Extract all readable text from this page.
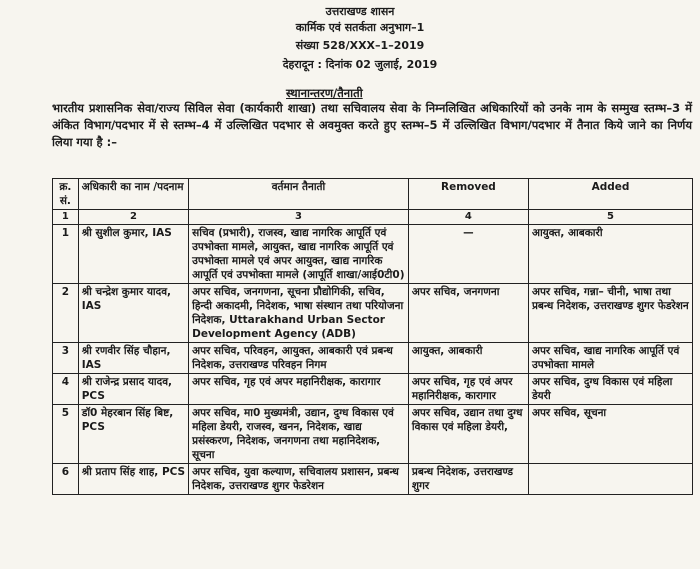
उत्तराखण्ड शासन
कार्मिक एवं सतर्कता अनुभाग–1
संख्या 528/XXX–1–2019
देहरादून : दिनांक 02 जुलाई, 2019
स्थानान्तरण/तैनाती
भारतीय प्रशासनिक सेवा/राज्य सिविल सेवा (कार्यकारी शाखा) तथा सचिवालय सेवा के निम्नलिखित अधिकारियों को उनके नाम के सम्मुख स्तम्भ–3 में अंकित विभाग/पदभार में से स्तम्भ–4 में उल्लिखित पदभार से अवमुक्त करते हुए स्तम्भ–5 में उल्लिखित विभाग/पदभार में तैनात किये जाने का निर्णय लिया गया है :–
क्र. सं.	अधिकारी का नाम /पदनाम	वर्तमान तैनाती	Removed	Added
1	2	3	4	5
1	श्री सुशील कुमार, IAS	सचिव (प्रभारी), राजस्व, खाद्य नागरिक आपूर्ति एवं उपभोक्ता मामले, आयुक्त, खाद्य नागरिक आपूर्ति एवं उपभोक्ता मामले एवं अपर आयुक्त, खाद्य नागरिक आपूर्ति एवं उपभोक्ता मामले (आपूर्ति शाखा/आई0टी0)	—	आयुक्त, आबकारी
2	श्री चन्द्रेश कुमार यादव, IAS	अपर सचिव, जनगणना, सूचना प्रौद्योगिकी, सचिव, हिन्दी अकादमी, निदेशक, भाषा संस्थान तथा परियोजना निदेशक, Uttarakhand Urban Sector Development Agency (ADB)	अपर सचिव, जनगणना	अपर सचिव, गन्ना– चीनी, भाषा तथा प्रबन्ध निदेशक, उत्तराखण्ड शुगर फेडरेशन
3	श्री रणवीर सिंह चौहान, IAS	अपर सचिव, परिवहन, आयुक्त, आबकारी एवं प्रबन्ध निदेशक, उत्तराखण्ड परिवहन निगम	आयुक्त, आबकारी	अपर सचिव, खाद्य नागरिक आपूर्ति एवं उपभोक्ता मामले
4	श्री राजेन्द्र प्रसाद यादव, PCS	अपर सचिव, गृह एवं अपर महानिरीक्षक, कारागार	अपर सचिव, गृह एवं अपर महानिरीक्षक, कारागार	अपर सचिव, दुग्ध विकास एवं महिला डेयरी
5	डॉ0 मेहरबान सिंह बिष्ट, PCS	अपर सचिव, मा0 मुख्यमंत्री, उद्यान, दुग्ध विकास एवं महिला डेयरी, राजस्व, खनन, निदेशक, खाद्य प्रसंस्करण, निदेशक, जनगणना तथा महानिदेशक, सूचना	अपर सचिव, उद्यान तथा दुग्ध विकास एवं महिला डेयरी,	अपर सचिव, सूचना
6	श्री प्रताप सिंह शाह, PCS	अपर सचिव, युवा कल्याण, सचिवालय प्रशासन, प्रबन्ध निदेशक, उत्तराखण्ड शुगर फेडरेशन	प्रबन्ध निदेशक, उत्तराखण्ड शुगर	
